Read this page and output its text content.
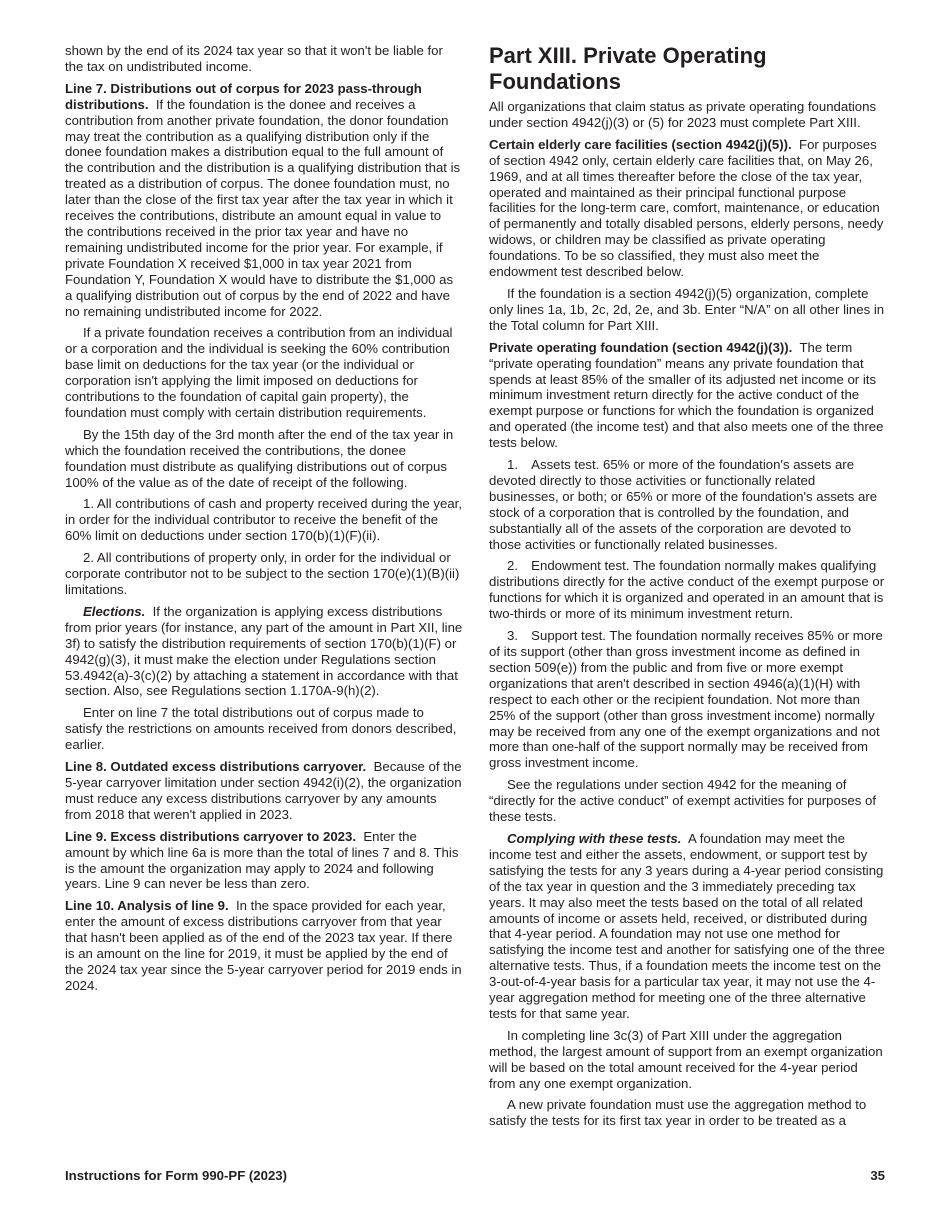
shown by the end of its 2024 tax year so that it won't be liable for the tax on undistributed income.

Line 7. Distributions out of corpus for 2023 pass-through distributions. If the foundation is the donee and receives a contribution from another private foundation, the donor foundation may treat the contribution as a qualifying distribution only if the donee foundation makes a distribution equal to the full amount of the contribution and the distribution is a qualifying distribution that is treated as a distribution of corpus. The donee foundation must, no later than the close of the first tax year after the tax year in which it receives the contributions, distribute an amount equal in value to the contributions received in the prior tax year and have no remaining undistributed income for the prior year. For example, if private Foundation X received $1,000 in tax year 2021 from Foundation Y, Foundation X would have to distribute the $1,000 as a qualifying distribution out of corpus by the end of 2022 and have no remaining undistributed income for 2022.

If a private foundation receives a contribution from an individual or a corporation and the individual is seeking the 60% contribution base limit on deductions for the tax year (or the individual or corporation isn't applying the limit imposed on deductions for contributions to the foundation of capital gain property), the foundation must comply with certain distribution requirements.

By the 15th day of the 3rd month after the end of the tax year in which the foundation received the contributions, the donee foundation must distribute as qualifying distributions out of corpus 100% of the value as of the date of receipt of the following.

1. All contributions of cash and property received during the year, in order for the individual contributor to receive the benefit of the 60% limit on deductions under section 170(b)(1)(F)(ii).

2. All contributions of property only, in order for the individual or corporate contributor not to be subject to the section 170(e)(1)(B)(ii) limitations.

Elections. If the organization is applying excess distributions from prior years (for instance, any part of the amount in Part XII, line 3f) to satisfy the distribution requirements of section 170(b)(1)(F) or 4942(g)(3), it must make the election under Regulations section 53.4942(a)-3(c)(2) by attaching a statement in accordance with that section. Also, see Regulations section 1.170A-9(h)(2).

Enter on line 7 the total distributions out of corpus made to satisfy the restrictions on amounts received from donors described, earlier.

Line 8. Outdated excess distributions carryover. Because of the 5-year carryover limitation under section 4942(i)(2), the organization must reduce any excess distributions carryover by any amounts from 2018 that weren't applied in 2023.

Line 9. Excess distributions carryover to 2023. Enter the amount by which line 6a is more than the total of lines 7 and 8. This is the amount the organization may apply to 2024 and following years. Line 9 can never be less than zero.

Line 10. Analysis of line 9. In the space provided for each year, enter the amount of excess distributions carryover from that year that hasn't been applied as of the end of the 2023 tax year. If there is an amount on the line for 2019, it must be applied by the end of the 2024 tax year since the 5-year carryover period for 2019 ends in 2024.

Part XIII. Private Operating Foundations

All organizations that claim status as private operating foundations under section 4942(j)(3) or (5) for 2023 must complete Part XIII.

Certain elderly care facilities (section 4942(j)(5)). For purposes of section 4942 only, certain elderly care facilities that, on May 26, 1969, and at all times thereafter before the close of the tax year, operated and maintained as their principal functional purpose facilities for the long-term care, comfort, maintenance, or education of permanently and totally disabled persons, elderly persons, needy widows, or children may be classified as private operating foundations. To be so classified, they must also meet the endowment test described below.

If the foundation is a section 4942(j)(5) organization, complete only lines 1a, 1b, 2c, 2d, 2e, and 3b. Enter “N/A” on all other lines in the Total column for Part XIII.

Private operating foundation (section 4942(j)(3)). The term “private operating foundation” means any private foundation that spends at least 85% of the smaller of its adjusted net income or its minimum investment return directly for the active conduct of the exempt purpose or functions for which the foundation is organized and operated (the income test) and that also meets one of the three tests below.

1. Assets test. 65% or more of the foundation's assets are devoted directly to those activities or functionally related businesses, or both; or 65% or more of the foundation's assets are stock of a corporation that is controlled by the foundation, and substantially all of the assets of the corporation are devoted to those activities or functionally related businesses.

2. Endowment test. The foundation normally makes qualifying distributions directly for the active conduct of the exempt purpose or functions for which it is organized and operated in an amount that is two-thirds or more of its minimum investment return.

3. Support test. The foundation normally receives 85% or more of its support (other than gross investment income as defined in section 509(e)) from the public and from five or more exempt organizations that aren't described in section 4946(a)(1)(H) with respect to each other or the recipient foundation. Not more than 25% of the support (other than gross investment income) normally may be received from any one of the exempt organizations and not more than one-half of the support normally may be received from gross investment income.

See the regulations under section 4942 for the meaning of “directly for the active conduct” of exempt activities for purposes of these tests.

Complying with these tests. A foundation may meet the income test and either the assets, endowment, or support test by satisfying the tests for any 3 years during a 4-year period consisting of the tax year in question and the 3 immediately preceding tax years. It may also meet the tests based on the total of all related amounts of income or assets held, received, or distributed during that 4-year period. A foundation may not use one method for satisfying the income test and another for satisfying one of the three alternative tests. Thus, if a foundation meets the income test on the 3-out-of-4-year basis for a particular tax year, it may not use the 4-year aggregation method for meeting one of the three alternative tests for that same year.

In completing line 3c(3) of Part XIII under the aggregation method, the largest amount of support from an exempt organization will be based on the total amount received for the 4-year period from any one exempt organization.

A new private foundation must use the aggregation method to satisfy the tests for its first tax year in order to be treated as a

Instructions for Form 990-PF (2023)	35
